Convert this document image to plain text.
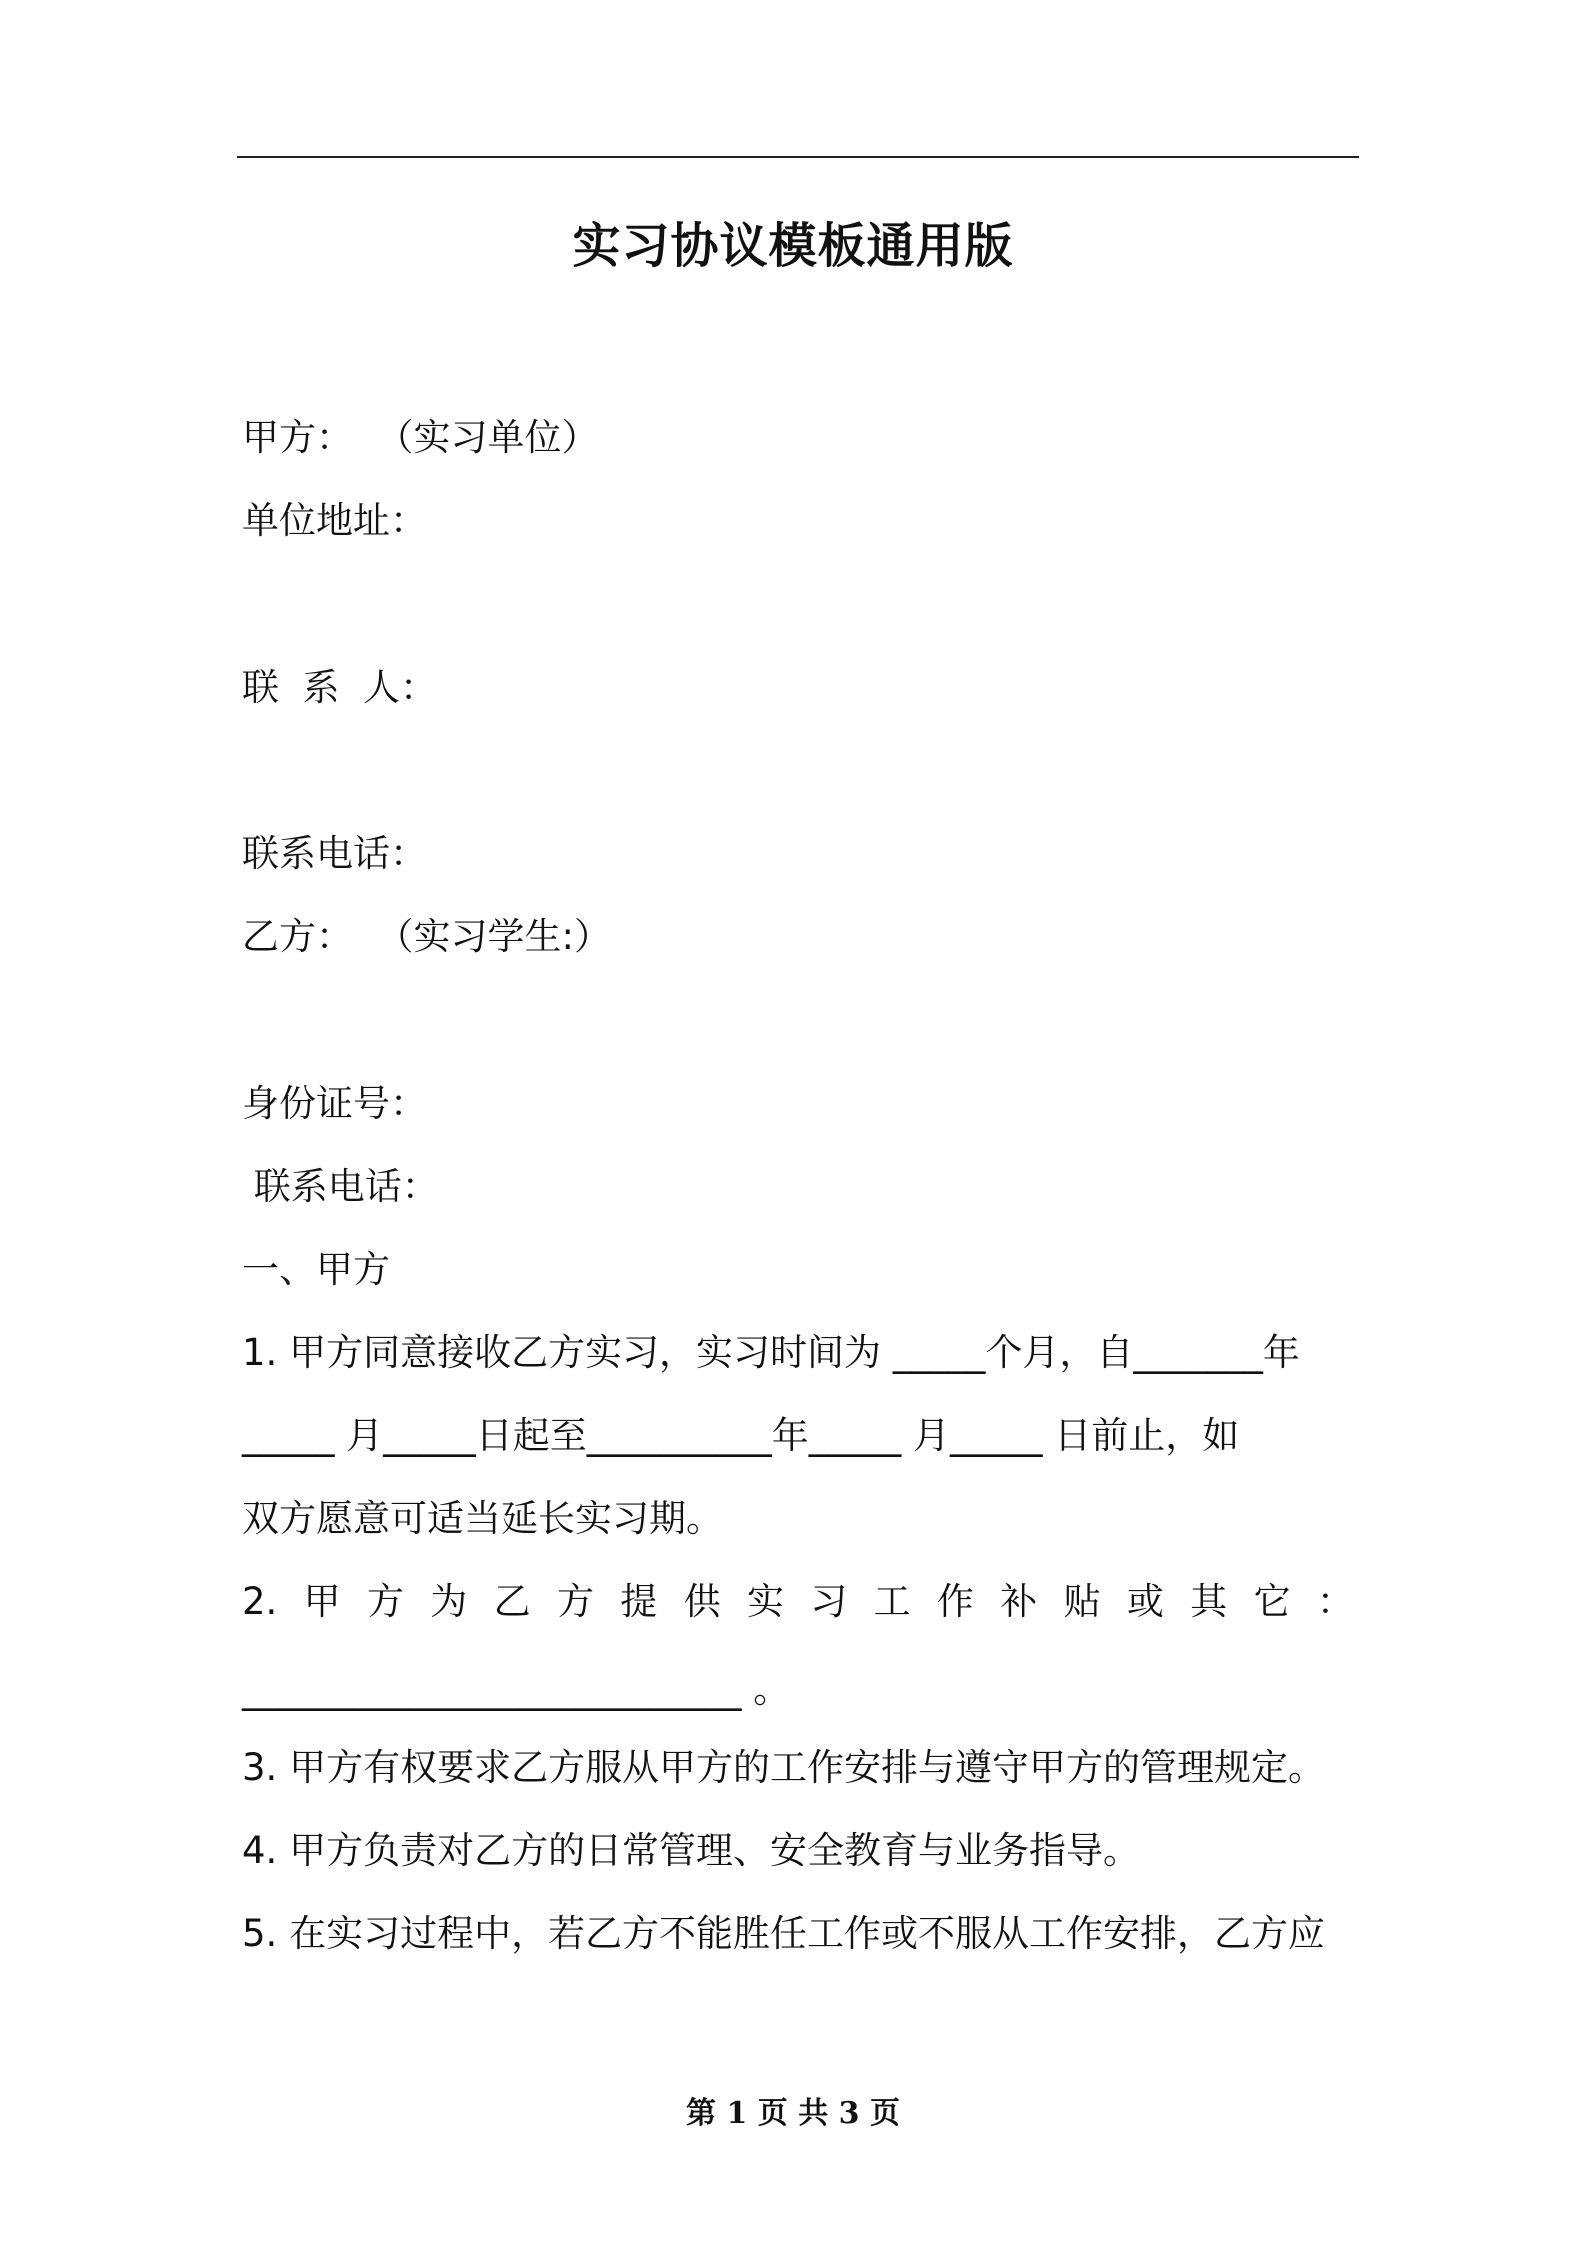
实习协议模板通用版
甲方：  （实习单位）
单位地址：
联  系  人：
联系电话：
乙方：  （实习学生:）
身份证号：
联系电话：
一、甲方
1. 甲方同意接收乙方实习，实习时间为 _____个月，自_______年
_____ 月_____日起至__________年_____ 月_____ 日前止，如
双方愿意可适当延长实习期。
2. 甲 方 为 乙 方 提 供 实 习 工 作 补 贴 或 其 它 ：
___________________________ 。
3. 甲方有权要求乙方服从甲方的工作安排与遵守甲方的管理规定。
4. 甲方负责对乙方的日常管理、安全教育与业务指导。
5. 在实习过程中，若乙方不能胜任工作或不服从工作安排，乙方应
第 1 页 共 3 页
